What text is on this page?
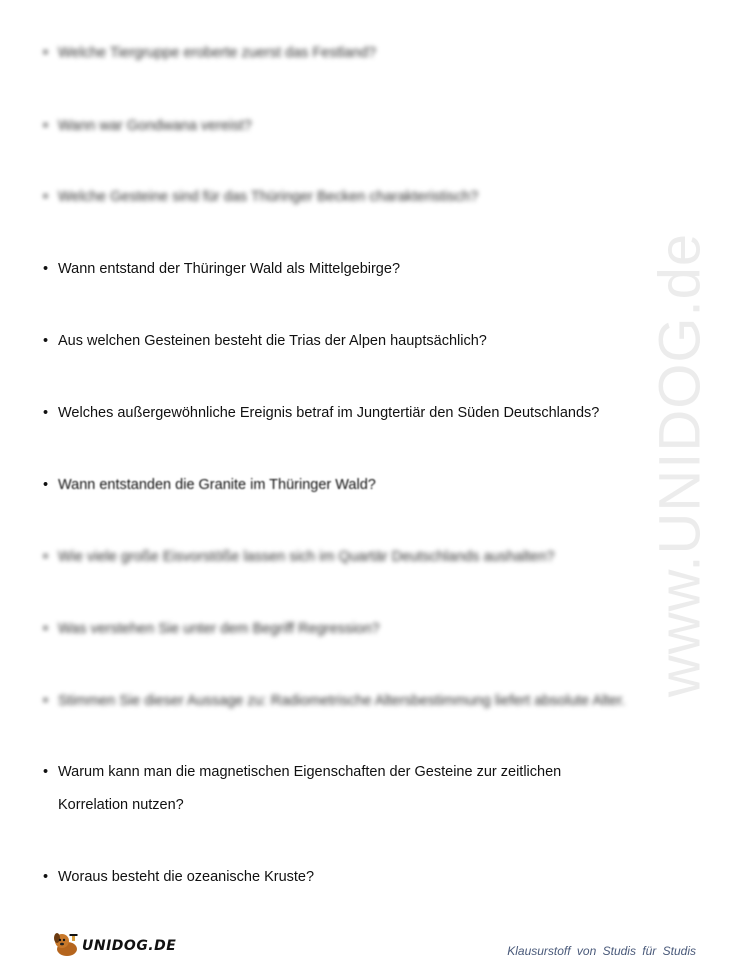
www.UNIDOG.de
• Welche Tiergruppe eroberte zuerst das Festland?
• Wann war Gondwana vereist?
• Welche Gesteine sind für das Thüringer Becken charakteristisch?
• Wann entstand der Thüringer Wald als Mittelgebirge?
• Aus welchen Gesteinen besteht die Trias der Alpen hauptsächlich?
• Welches außergewöhnliche Ereignis betraf im Jungtertiär den Süden Deutschlands?
• Wann entstanden die Granite im Thüringer Wald?
• Wie viele große Eisvorstöße lassen sich im Quartär Deutschlands aushalten?
• Was verstehen Sie unter dem Begriff Regression?
• Stimmen Sie dieser Aussage zu: Radiometrische Altersbestimmung liefert absolute Alter.
• Warum kann man die magnetischen Eigenschaften der Gesteine zur zeitlichen Korrelation nutzen?
• Woraus besteht die ozeanische Kruste?
UNIDOG.DE	Klausurstoff von Studis für Studis
